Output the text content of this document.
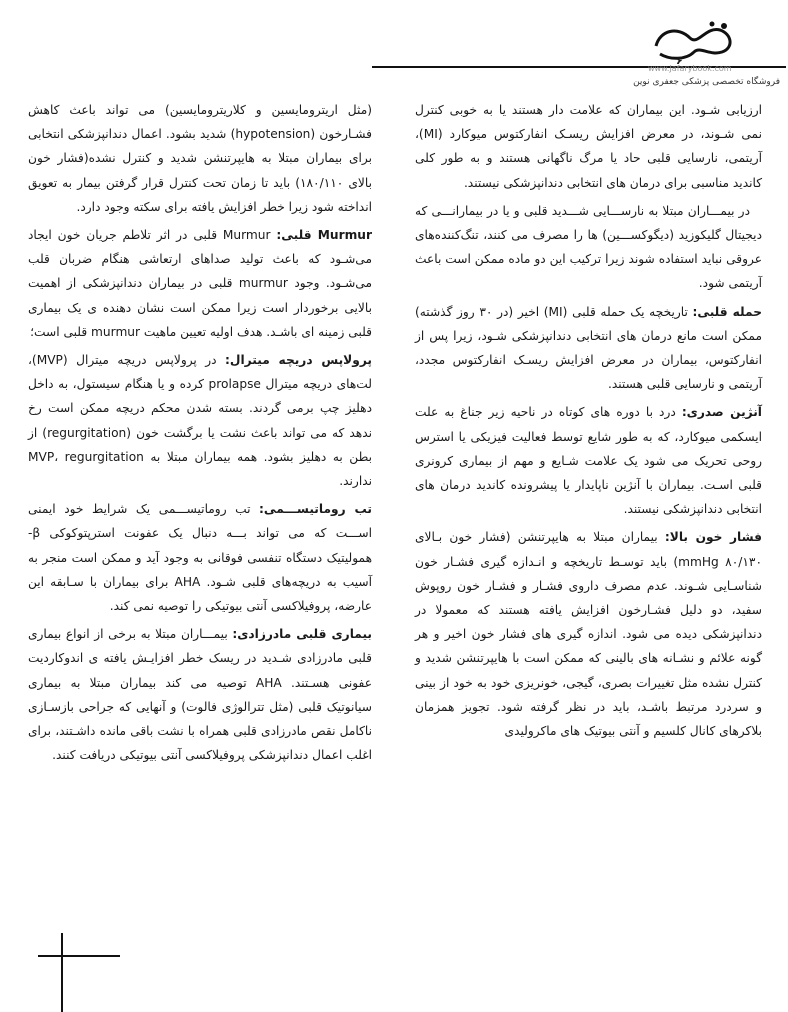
۶
www.Jafarybook.com
فروشگاه تخصصی پزشکی جعفری نوین

ارزیابی شـود. این بیماران که علامت دار هستند یا به خوبی کنترل نمی شـوند، در معرض افزایش ریسـک انفارکتوس میوکارد (MI)، آریتمی، نارسایی قلبی حاد یا مرگ ناگهانی هستند و به طور کلی کاندید مناسبی برای درمان های انتخابی دندانپزشکی نیستند.

در بیمـــاران مبتلا به نارســـایی شـــدید قلبی و یا در بیمارانـــی که دیجیتال گلیکوزید (دیگوکســـین) ها را مصرف می کنند، تنگ‌کننده‌های عروقی نباید استفاده شوند زیرا ترکیب این دو ماده ممکن است باعث آریتمی شود.

حمله قلبی: تاریخچه یک حمله قلبی (MI) اخیر (در ۳۰ روز گذشته) ممکن است مانع درمان های انتخابی دندانپزشکی شـود، زیرا پس از انفارکتوس، بیماران در معرض افزایش ریسـک انفارکتوس مجدد، آریتمی و نارسایی قلبی هستند.

آنژین صدری: درد با دوره های کوتاه در ناحیه زیر جناغ به علت ایسکمی میوکارد، که به طور شایع توسط فعالیت فیزیکی یا استرس روحی تحریک می شود یک علامت شـایع و مهم از بیماری کرونری قلبی اسـت. بیماران با آنژین ناپایدار یا پیشرونده کاندید درمان های انتخابی دندانپزشکی نیستند.

فشار خون بالا: بیماران مبتلا به هایپرتنشن (فشار خون بـالای ۸۰/۱۳۰ mmHg) باید توسـط تاریخچه و انـدازه گیری فشـار خون شناسـایی شـوند. عدم مصرف داروی فشـار و فشـار خون روپوش سفید، دو دلیل فشـارخون افزایش یافته هستند که معمولا در دندانپزشکی دیده می شود. اندازه گیری های فشار خون اخیر و هر گونه علائم و نشـانه های بالینی که ممکن است با هایپرتنشن شدید و کنترل نشده مثل تغییرات بصری، گیجی، خونریزی خود به خود از بینی و سردرد مرتبط باشـد، باید در نظر گرفته شود. تجویز همزمان بلاکرهای کانال کلسیم و آنتی بیوتیک های ماکرولیدی

(مثل اریترومایسین و کلاریترومایسین) می تواند باعث کاهش فشـارخون (hypotension) شدید بشود. اعمال دندانپزشکی انتخابی برای بیماران مبتلا به هایپرتنشن شدید و کنترل نشده(فشار خون بالای ۱۸۰/۱۱۰) باید تا زمان تحت کنترل قرار گرفتن بیمار به تعویق انداخته شود زیرا خطر افزایش یافته برای سکته وجود دارد.

Murmur قلبی: Murmur قلبی در اثر تلاطم جریان خون ایجاد می‌شـود که باعث تولید صداهای ارتعاشی هنگام ضربان قلب می‌شـود. وجود murmur قلبی در بیماران دندانپزشکی از اهمیت بالایی برخوردار است زیرا ممکن است نشان دهنده ی یک بیماری قلبی زمینه ای باشـد. هدف اولیه تعیین ماهیت murmur قلبی است؛

پرولاپس دریچه میترال: در پرولاپس دریچه میترال (MVP)، لت‌های دریچه میترال prolapse کرده و یا هنگام سیستول، به داخل دهلیز چپ برمی گردند. بسته شدن محکم دریچه ممکن است رخ ندهد که می تواند باعث نشت یا برگشت خون (regurgitation) از بطن به دهلیز بشود. همه بیماران مبتلا به MVP، regurgitation ندارند.

تب روماتیســـمی: تب روماتیســـمی یک شرایط خود ایمنی اســـت که می تواند بـــه دنبال یک عفونت استرپتوکوکی β- همولیتیک دستگاه تنفسی فوقانی به وجود آید و ممکن است منجر به آسیب به دریچه‌های قلبی شـود. AHA برای بیماران با سـابقه این عارضه، پروفیلاکسی آنتی بیوتیکی را توصیه نمی کند.

بیماری قلبی مادرزادی: بیمـــاران مبتلا به برخی از انواع بیماری قلبی مادرزادی شـدید در ریسک خطر افزایـش یافته ی اندوکاردیت عفونی هسـتند. AHA توصیه می کند بیماران مبتلا به بیماری سیانوتیک قلبی (مثل تترالوژی فالوت) و آنهایی که جراحی بازسـازی ناکامل نقص مادرزادی قلبی همراه با نشت باقی مانده داشـتند، برای اغلب اعمال دندانپزشکی پروفیلاکسی آنتی بیوتیکی دریافت کنند.
